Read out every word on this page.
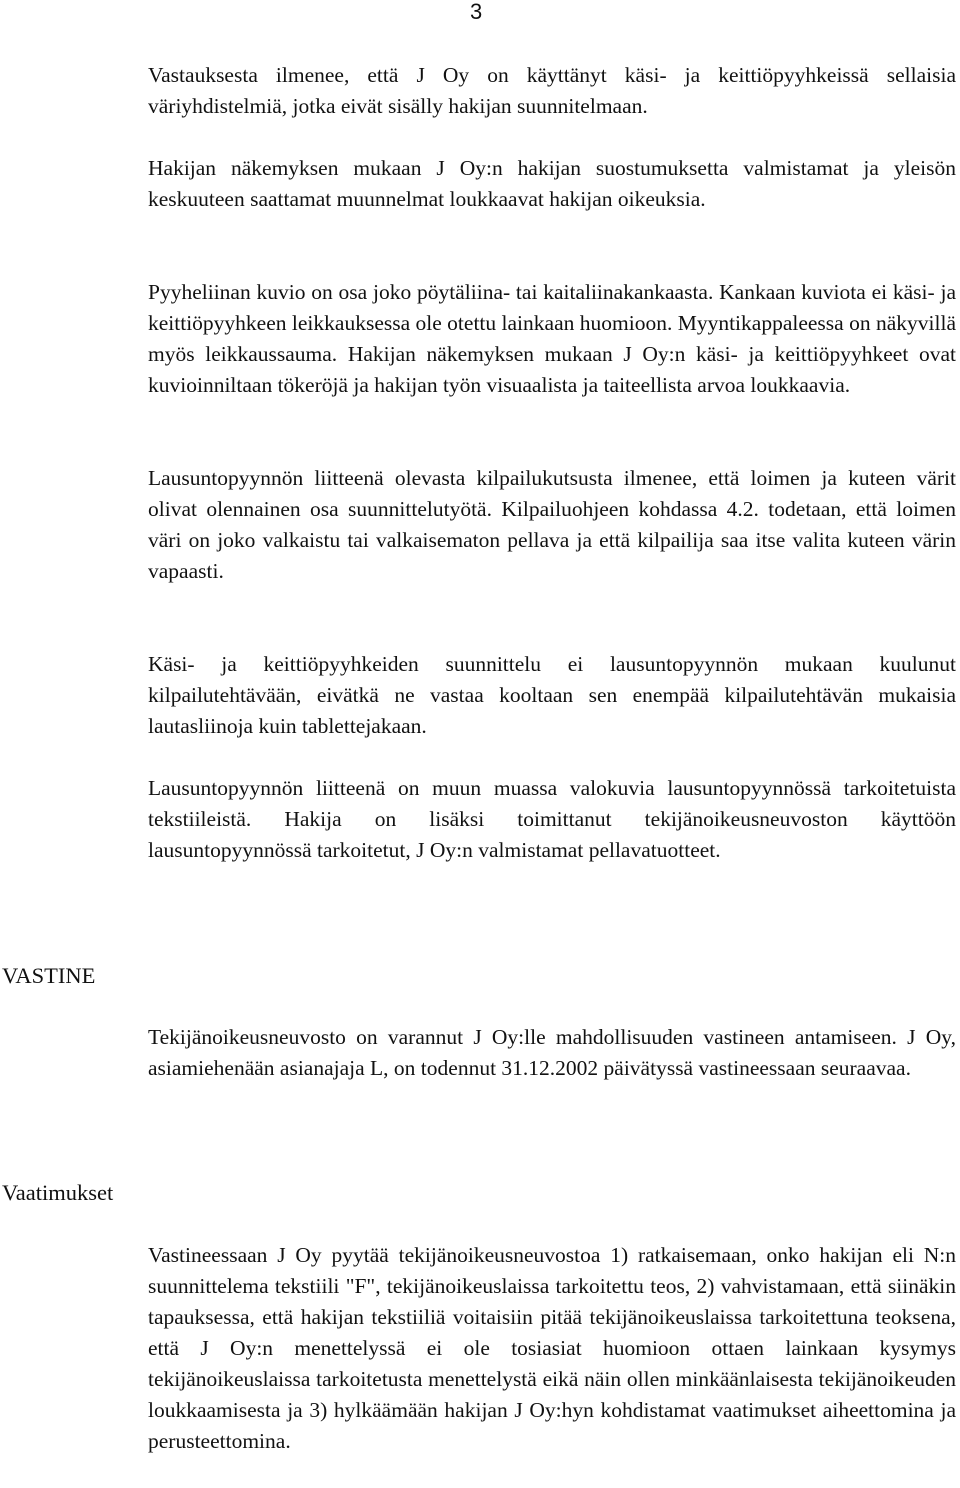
3

Vastauksesta ilmenee, että J Oy on käyttänyt käsi- ja keittiöpyyhkeissä sellaisia väriyhdistelmiä, jotka eivät sisälly hakijan suunnitelmaan.

Hakijan näkemyksen mukaan J Oy:n hakijan suostumuksetta valmistamat ja yleisön keskuuteen saattamat muunnelmat loukkaavat hakijan oikeuksia.

Pyyheliinan kuvio on osa joko pöytäliina- tai kaitaliinakankaasta. Kankaan kuviota ei käsi- ja keittiöpyyhkeen leikkauksessa ole otettu lainkaan huomioon. Myyntikappaleessa on näkyvillä myös leikkaussauma. Hakijan näkemyksen mukaan J Oy:n käsi- ja keittiöpyyhkeet ovat kuvioinniltaan tökeröjä ja hakijan työn visuaalista ja taiteellista arvoa loukkaavia.

Lausuntopyynnön liitteenä olevasta kilpailukutsusta ilmenee, että loimen ja kuteen värit olivat olennainen osa suunnittelutyötä. Kilpailuohjeen kohdassa 4.2. todetaan, että loimen väri on joko valkaistu tai valkaisematon pellava ja että kilpailija saa itse valita kuteen värin vapaasti.

Käsi- ja keittiöpyyhkeiden suunnittelu ei lausuntopyynnön mukaan kuulunut kilpailutehtävään, eivätkä ne vastaa kooltaan sen enempää kilpailutehtävän mukaisia lautasliinoja kuin tablettejakaan.

Lausuntopyynnön liitteenä on muun muassa valokuvia lausuntopyynnössä tarkoitetuista tekstiileistä. Hakija on lisäksi toimittanut tekijänoikeusneuvoston käyttöön lausuntopyynnössä tarkoitetut, J Oy:n valmistamat pellavatuotteet.

VASTINE

Tekijänoikeusneuvosto on varannut J Oy:lle mahdollisuuden vastineen antamiseen. J Oy, asiamiehenään asianajaja L, on todennut 31.12.2002 päivätyssä vastineessaan seuraavaa.

Vaatimukset

Vastineessaan J Oy pyytää tekijänoikeusneuvostoa 1) ratkaisemaan, onko hakijan eli N:n suunnittelema tekstiili "F", tekijänoikeuslaissa tarkoitettu teos, 2) vahvistamaan, että siinäkin tapauksessa, että hakijan tekstiiliä voitaisiin pitää tekijänoikeuslaissa tarkoitettuna teoksena, että J Oy:n menettelyssä ei ole tosiasiat huomioon ottaen lainkaan kysymys tekijänoikeuslaissa tarkoitetusta menettelystä eikä näin ollen minkäänlaisesta tekijänoikeuden loukkaamisesta ja 3) hylkäämään hakijan J Oy:hyn kohdistamat vaatimukset aiheettomina ja perusteettomina.
